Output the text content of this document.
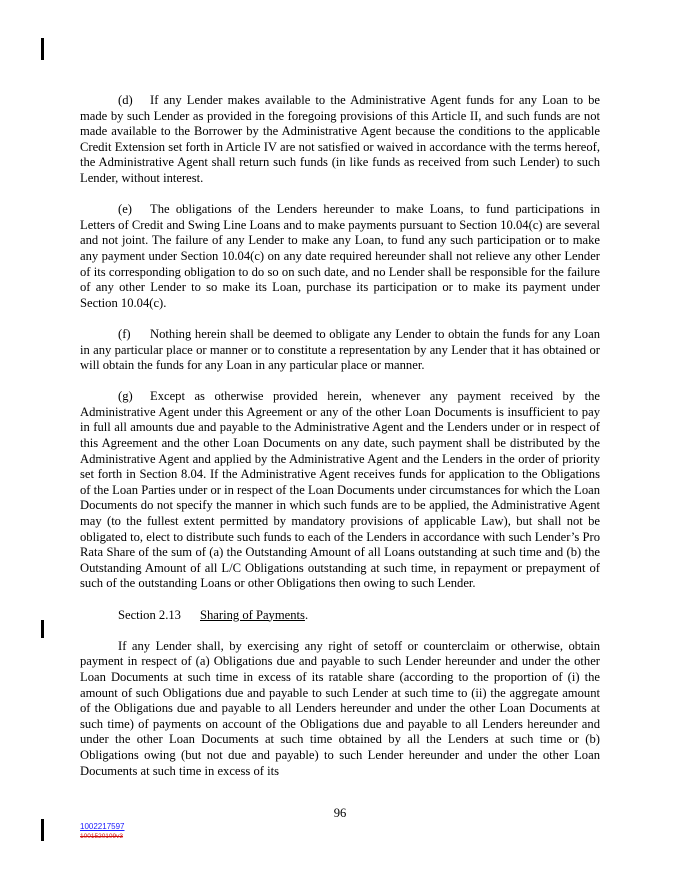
(d) If any Lender makes available to the Administrative Agent funds for any Loan to be made by such Lender as provided in the foregoing provisions of this Article II, and such funds are not made available to the Borrower by the Administrative Agent because the conditions to the applicable Credit Extension set forth in Article IV are not satisfied or waived in accordance with the terms hereof, the Administrative Agent shall return such funds (in like funds as received from such Lender) to such Lender, without interest.

(e) The obligations of the Lenders hereunder to make Loans, to fund participations in Letters of Credit and Swing Line Loans and to make payments pursuant to Section 10.04(c) are several and not joint. The failure of any Lender to make any Loan, to fund any such participation or to make any payment under Section 10.04(c) on any date required hereunder shall not relieve any other Lender of its corresponding obligation to do so on such date, and no Lender shall be responsible for the failure of any other Lender to so make its Loan, purchase its participation or to make its payment under Section 10.04(c).

(f) Nothing herein shall be deemed to obligate any Lender to obtain the funds for any Loan in any particular place or manner or to constitute a representation by any Lender that it has obtained or will obtain the funds for any Loan in any particular place or manner.

(g) Except as otherwise provided herein, whenever any payment received by the Administrative Agent under this Agreement or any of the other Loan Documents is insufficient to pay in full all amounts due and payable to the Administrative Agent and the Lenders under or in respect of this Agreement and the other Loan Documents on any date, such payment shall be distributed by the Administrative Agent and applied by the Administrative Agent and the Lenders in the order of priority set forth in Section 8.04. If the Administrative Agent receives funds for application to the Obligations of the Loan Parties under or in respect of the Loan Documents under circumstances for which the Loan Documents do not specify the manner in which such funds are to be applied, the Administrative Agent may (to the fullest extent permitted by mandatory provisions of applicable Law), but shall not be obligated to, elect to distribute such funds to each of the Lenders in accordance with such Lender’s Pro Rata Share of the sum of (a) the Outstanding Amount of all Loans outstanding at such time and (b) the Outstanding Amount of all L/C Obligations outstanding at such time, in repayment or prepayment of such of the outstanding Loans or other Obligations then owing to such Lender.

Section 2.13 Sharing of Payments.

If any Lender shall, by exercising any right of setoff or counterclaim or otherwise, obtain payment in respect of (a) Obligations due and payable to such Lender hereunder and under the other Loan Documents at such time in excess of its ratable share (according to the proportion of (i) the amount of such Obligations due and payable to such Lender at such time to (ii) the aggregate amount of the Obligations due and payable to all Lenders hereunder and under the other Loan Documents at such time) of payments on account of the Obligations due and payable to all Lenders hereunder and under the other Loan Documents at such time obtained by all the Lenders at such time or (b) Obligations owing (but not due and payable) to such Lender hereunder and under the other Loan Documents at such time in excess of its

96
1002217597
1001520109v3
